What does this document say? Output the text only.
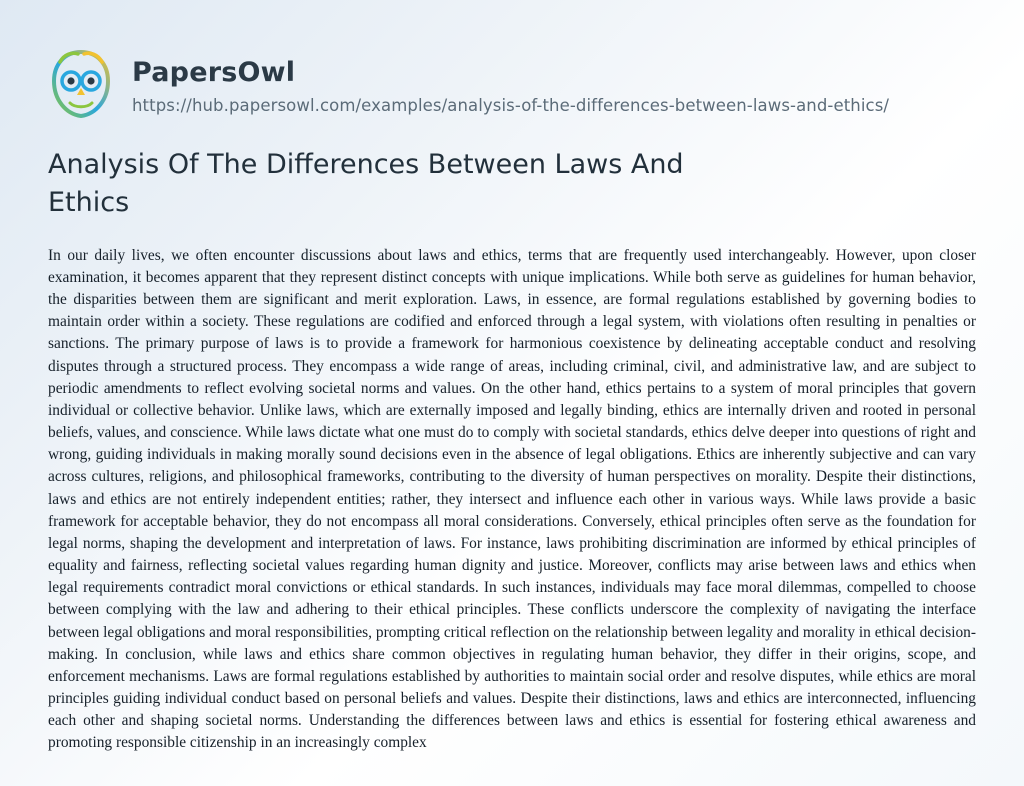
PapersOwl
https://hub.papersowl.com/examples/analysis-of-the-differences-between-laws-and-ethics/
Analysis Of The Differences Between Laws And Ethics

In our daily lives, we often encounter discussions about laws and ethics, terms that are frequently used interchangeably. However, upon closer examination, it becomes apparent that they represent distinct concepts with unique implications. While both serve as guidelines for human behavior, the disparities between them are significant and merit exploration. Laws, in essence, are formal regulations established by governing bodies to maintain order within a society. These regulations are codified and enforced through a legal system, with violations often resulting in penalties or sanctions. The primary purpose of laws is to provide a framework for harmonious coexistence by delineating acceptable conduct and resolving disputes through a structured process. They encompass a wide range of areas, including criminal, civil, and administrative law, and are subject to periodic amendments to reflect evolving societal norms and values. On the other hand, ethics pertains to a system of moral principles that govern individual or collective behavior. Unlike laws, which are externally imposed and legally binding, ethics are internally driven and rooted in personal beliefs, values, and conscience. While laws dictate what one must do to comply with societal standards, ethics delve deeper into questions of right and wrong, guiding individuals in making morally sound decisions even in the absence of legal obligations. Ethics are inherently subjective and can vary across cultures, religions, and philosophical frameworks, contributing to the diversity of human perspectives on morality. Despite their distinctions, laws and ethics are not entirely independent entities; rather, they intersect and influence each other in various ways. While laws provide a basic framework for acceptable behavior, they do not encompass all moral considerations. Conversely, ethical principles often serve as the foundation for legal norms, shaping the development and interpretation of laws. For instance, laws prohibiting discrimination are informed by ethical principles of equality and fairness, reflecting societal values regarding human dignity and justice. Moreover, conflicts may arise between laws and ethics when legal requirements contradict moral convictions or ethical standards. In such instances, individuals may face moral dilemmas, compelled to choose between complying with the law and adhering to their ethical principles. These conflicts underscore the complexity of navigating the interface between legal obligations and moral responsibilities, prompting critical reflection on the relationship between legality and morality in ethical decision-making. In conclusion, while laws and ethics share common objectives in regulating human behavior, they differ in their origins, scope, and enforcement mechanisms. Laws are formal regulations established by authorities to maintain social order and resolve disputes, while ethics are moral principles guiding individual conduct based on personal beliefs and values. Despite their distinctions, laws and ethics are interconnected, influencing each other and shaping societal norms. Understanding the differences between laws and ethics is essential for fostering ethical awareness and promoting responsible citizenship in an increasingly complex
